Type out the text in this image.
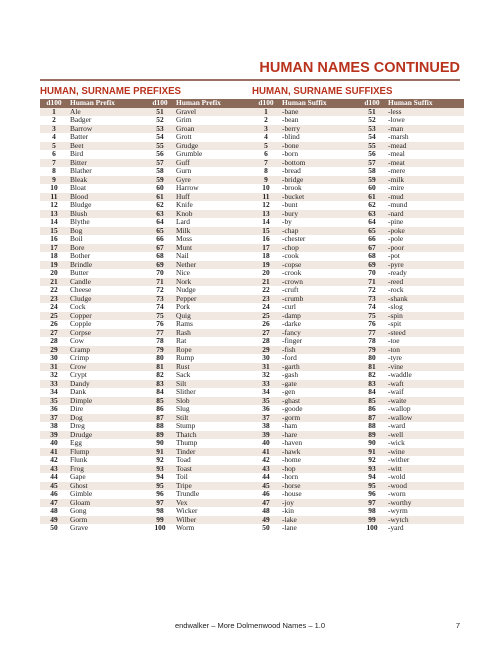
HUMAN NAMES CONTINUED
HUMAN, SURNAME PREFIXES
d100	Human Prefix	d100	Human Prefix
1	Ale	51	Gravel
2	Badger	52	Grim
3	Barrow	53	Groan
4	Batter	54	Grott
5	Beet	55	Grudge
6	Bird	56	Grumble
7	Bitter	57	Guff
8	Blather	58	Gurn
9	Bleak	59	Gyre
10	Bloat	60	Harrow
11	Blood	61	Huff
12	Bludge	62	Knife
13	Blush	63	Knob
14	Blythe	64	Lard
15	Bog	65	Milk
16	Boil	66	Moss
17	Bore	67	Munt
18	Bother	68	Nail
19	Brindle	69	Nether
20	Butter	70	Nice
21	Candle	71	Nork
22	Cheese	72	Nudge
23	Cludge	73	Pepper
24	Cock	74	Pork
25	Copper	75	Quig
26	Copple	76	Rams
27	Corpse	77	Rash
28	Cow	78	Rat
29	Cramp	79	Rope
30	Crimp	80	Rump
31	Crow	81	Rust
32	Crypt	82	Sack
33	Dandy	83	Silt
34	Dank	84	Slither
35	Dimple	85	Slob
36	Dire	86	Slug
37	Dog	87	Stilt
38	Dreg	88	Stump
39	Drudge	89	Thatch
40	Egg	90	Thump
41	Flump	91	Tinder
42	Flunk	92	Toad
43	Frog	93	Toast
44	Gape	94	Toil
45	Ghost	95	Tripe
46	Gimble	96	Trundle
47	Gloam	97	Vex
48	Gong	98	Wicker
49	Gorm	99	Wilber
50	Grave	100	Worm
HUMAN, SURNAME SUFFIXES
d100	Human Suffix	d100	Human Suffix
1	-bane	51	-less
2	-bean	52	-lowe
3	-berry	53	-man
4	-blind	54	-marsh
5	-bone	55	-mead
6	-born	56	-meal
7	-bottom	57	-meat
8	-bread	58	-mere
9	-bridge	59	-milk
10	-brook	60	-mire
11	-bucket	61	-mud
12	-bunt	62	-mund
13	-bury	63	-nard
14	-by	64	-pine
15	-chap	65	-poke
16	-chester	66	-pole
17	-chop	67	-poor
18	-cook	68	-pot
19	-copse	69	-pyre
20	-crook	70	-ready
21	-crown	71	-reed
22	-cruft	72	-rock
23	-crumb	73	-shank
24	-curl	74	-slog
25	-damp	75	-spin
26	-darke	76	-spit
27	-fancy	77	-steed
28	-finger	78	-toe
29	-fish	79	-ton
30	-ford	80	-tyre
31	-garth	81	-vine
32	-gash	82	-waddle
33	-gate	83	-waft
34	-gen	84	-waif
35	-ghast	85	-waite
36	-goode	86	-wallop
37	-gorm	87	-wallow
38	-ham	88	-ward
39	-hare	89	-well
40	-haven	90	-wick
41	-hawk	91	-wine
42	-home	92	-wither
43	-hop	93	-witt
44	-horn	94	-wold
45	-horse	95	-wood
46	-house	96	-worn
47	-joy	97	-worthy
48	-kin	98	-wyrm
49	-lake	99	-wytch
50	-lane	100	-yard
endwalker – More Dolmenwood Names – 1.0	7
